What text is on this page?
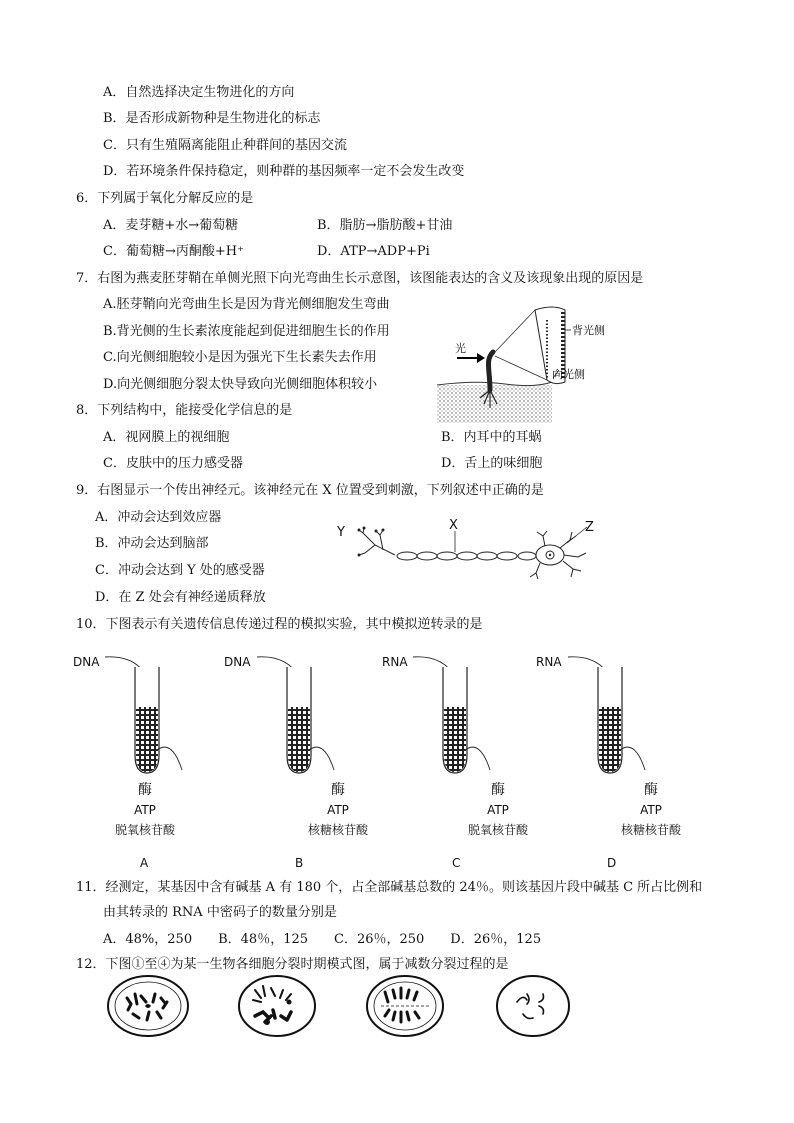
A．自然选择决定生物进化的方向
B．是否形成新物种是生物进化的标志
C．只有生殖隔离能阻止种群间的基因交流
D．若环境条件保持稳定，则种群的基因频率一定不会发生改变
6．下列属于氧化分解反应的是
A．麦芽糖+水→葡萄糖	B．脂肪→脂肪酸+甘油
C．葡萄糖→丙酮酸+H⁺	D．ATP→ADP+Pi
7．右图为燕麦胚芽鞘在单侧光照下向光弯曲生长示意图，该图能表达的含义及该现象出现的原因是
A.胚芽鞘向光弯曲生长是因为背光侧细胞发生弯曲
B.背光侧的生长素浓度能起到促进细胞生长的作用
C.向光侧细胞较小是因为强光下生长素失去作用
D.向光侧细胞分裂太快导致向光侧细胞体积较小
光
背光侧
向光侧
8．下列结构中，能接受化学信息的是
A．视网膜上的视细胞	B．内耳中的耳蜗
C．皮肤中的压力感受器	D．舌上的味细胞
9．右图显示一个传出神经元。该神经元在 X 位置受到刺激，下列叙述中正确的是
A．冲动会达到效应器
B．冲动会达到脑部
C．冲动会达到 Y 处的感受器
D．在 Z 处会有神经递质释放
Y	X	Z
10．下图表示有关遗传信息传递过程的模拟实验，其中模拟逆转录的是
DNA
酶
ATP
脱氧核苷酸
A
DNA
酶
ATP
核糖核苷酸
B
RNA
酶
ATP
脱氧核苷酸
C
RNA
酶
ATP
核糖核苷酸
D
11．经测定，某基因中含有碱基 A 有 180 个，占全部碱基总数的 24％。则该基因片段中碱基 C 所占比例和
由其转录的 RNA 中密码子的数量分别是
A．48%，250　　B．48％，125　　C．26％，250　　D．26％，125
12．下图①至④为某一生物各细胞分裂时期模式图，属于减数分裂过程的是
